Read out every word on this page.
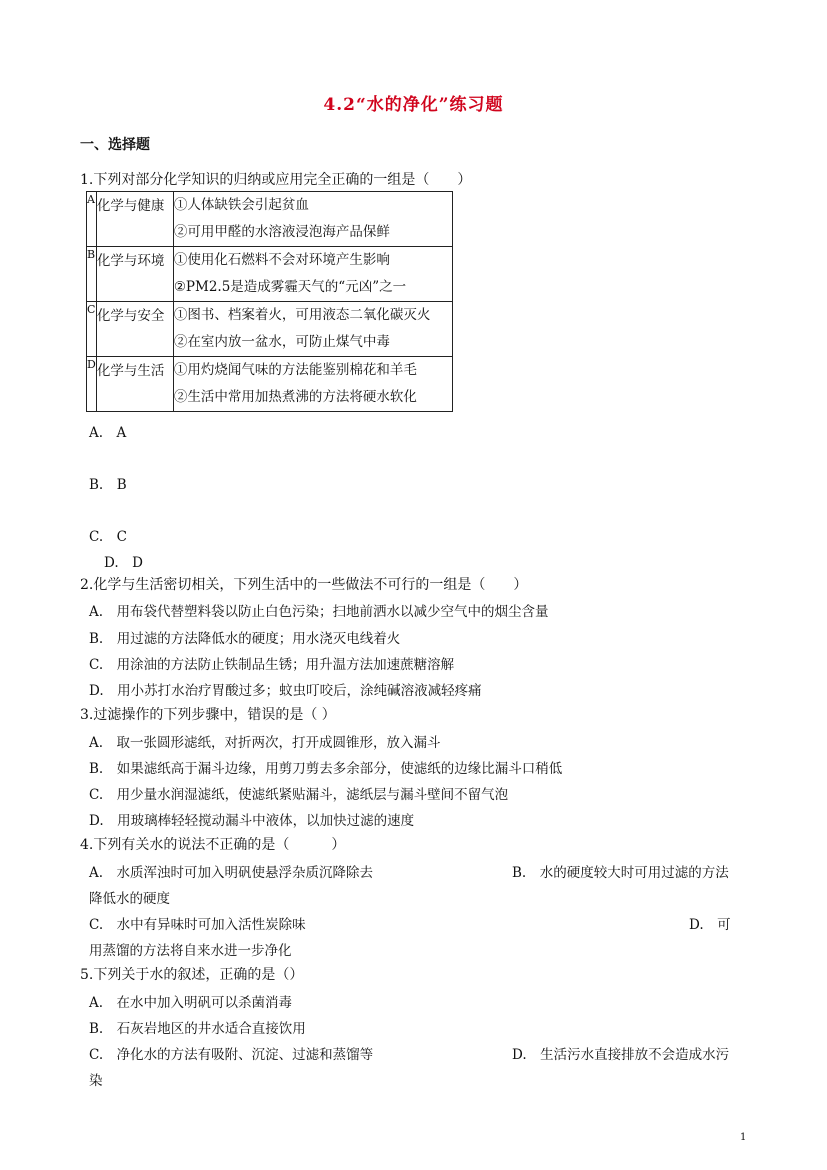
4.2“水的净化”练习题
一、选择题
1.下列对部分化学知识的归纳或应用完全正确的一组是（　　）
A	化学与健康	①人体缺铁会引起贫血
②可用甲醛的水溶液浸泡海产品保鲜

B	化学与环境	①使用化石燃料不会对环境产生影响
②PM2.5是造成雾霾天气的“元凶”之一

C	化学与安全	①图书、档案着火，可用液态二氧化碳灭火
②在室内放一盆水，可防止煤气中毒

D	化学与生活	①用灼烧闻气味的方法能鉴别棉花和羊毛
②生活中常用加热煮沸的方法将硬水软化
A.　A
B.　B
C.　C
D.　D
2.化学与生活密切相关，下列生活中的一些做法不可行的一组是（　　）
A.　用布袋代替塑料袋以防止白色污染；扫地前洒水以减少空气中的烟尘含量
B.　用过滤的方法降低水的硬度；用水浇灭电线着火
C.　用涂油的方法防止铁制品生锈；用升温方法加速蔗糖溶解
D.　用小苏打水治疗胃酸过多；蚊虫叮咬后，涂纯碱溶液减轻疼痛
3.过滤操作的下列步骤中，错误的是（ ）
A.　取一张圆形滤纸，对折两次，打开成圆锥形，放入漏斗
B.　如果滤纸高于漏斗边缘，用剪刀剪去多余部分，使滤纸的边缘比漏斗口稍低
C.　用少量水润湿滤纸，使滤纸紧贴漏斗，滤纸层与漏斗壁间不留气泡
D.　用玻璃棒轻轻搅动漏斗中液体，以加快过滤的速度
4.下列有关水的说法不正确的是（　　　）
A.　水质浑浊时可加入明矾使悬浮杂质沉降除去	B.　水的硬度较大时可用过滤的方法
降低水的硬度
C.　水中有异味时可加入活性炭除味	D.　可
用蒸馏的方法将自来水进一步净化
5.下列关于水的叙述，正确的是（）
A.　在水中加入明矾可以杀菌消毒
B.　石灰岩地区的井水适合直接饮用
C.　净化水的方法有吸附、沉淀、过滤和蒸馏等	D.　生活污水直接排放不会造成水污
染
1
